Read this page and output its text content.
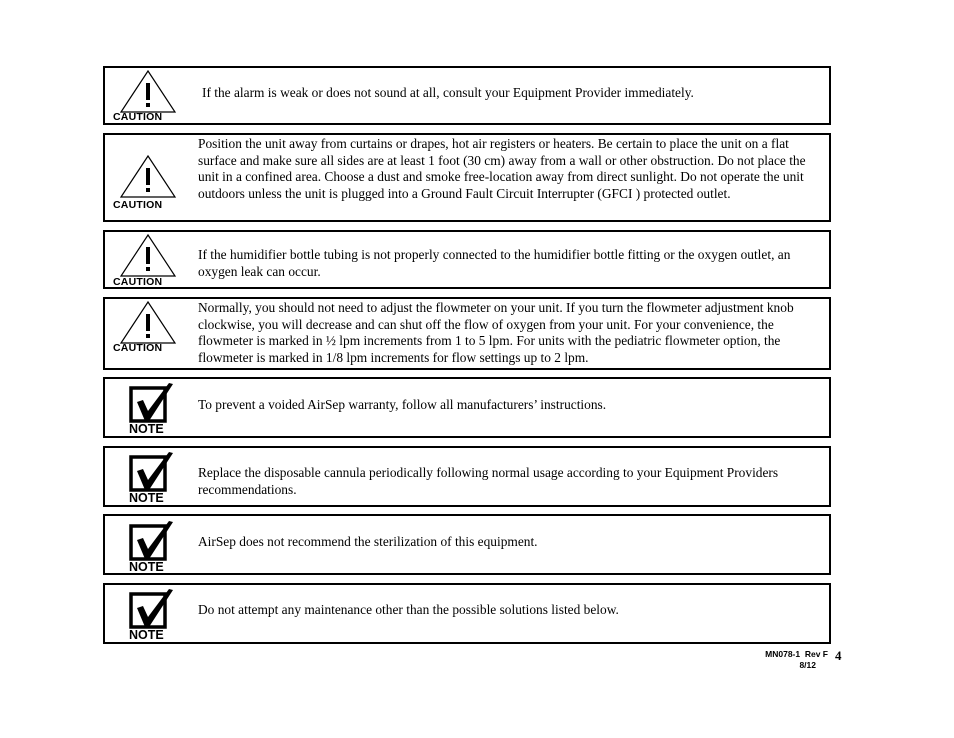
CAUTION
If the alarm is weak or does not sound at all, consult your Equipment Provider immediately.
CAUTION
Position the unit away from curtains or drapes, hot air registers or heaters. Be certain to place the unit on a flat surface and make sure all sides are at least 1 foot (30 cm) away from a wall or other obstruction. Do not place the unit in a confined area. Choose a dust and smoke free-location away from direct sunlight. Do not operate the unit outdoors unless the unit is plugged into a Ground Fault Circuit Interrupter (GFCI ) protected outlet.
CAUTION
If the humidifier bottle tubing is not properly connected to the humidifier bottle fitting or the oxygen outlet, an oxygen leak can occur.
CAUTION
Normally, you should not need to adjust the flowmeter on your unit. If you turn the flowmeter adjustment knob clockwise, you will decrease and can shut off the flow of oxygen from your unit. For your convenience, the flowmeter is marked in ½ lpm increments from 1 to 5 lpm. For units with the pediatric flowmeter option, the flowmeter is marked in 1/8 lpm increments for flow settings up to 2 lpm.
NOTE
To prevent a voided AirSep warranty, follow all manufacturers’ instructions.
NOTE
Replace the disposable cannula periodically following normal usage according to your Equipment Providers recommendations.
NOTE
AirSep does not recommend the sterilization of this equipment.
NOTE
Do not attempt any maintenance other than the possible solutions listed below.
MN078-1  Rev F
8/12
4
